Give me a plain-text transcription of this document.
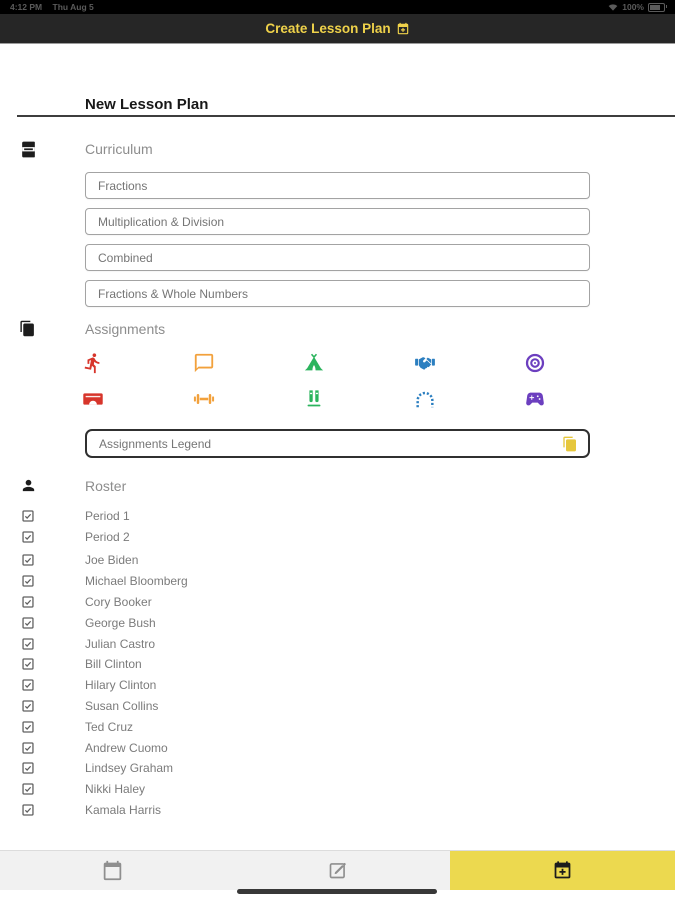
4:12 PM Thu Aug 5	100%
Create Lesson Plan
New Lesson Plan
Curriculum
Fractions
Multiplication & Division
Combined
Fractions & Whole Numbers
Assignments
Assignments Legend
Roster
Period 1
Period 2
Joe Biden
Michael Bloomberg
Cory Booker
George Bush
Julian Castro
Bill Clinton
Hilary Clinton
Susan Collins
Ted Cruz
Andrew Cuomo
Lindsey Graham
Nikki Haley
Kamala Harris
